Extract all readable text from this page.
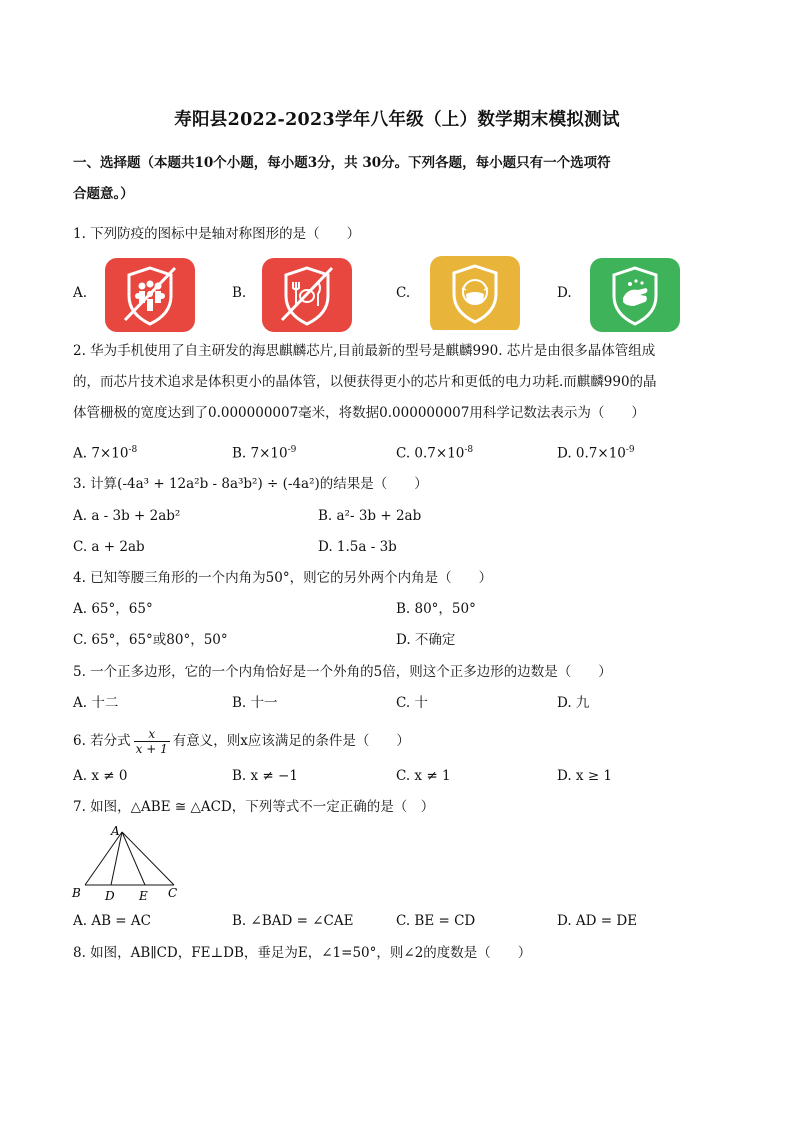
寿阳县2022-2023学年八年级（上）数学期末模拟测试
一、选择题（本题共10个小题，每小题3分，共 30分。下列各题，每小题只有一个选项符
合题意。）
1. 下列防疫的图标中是轴对称图形的是（　　）
A.	B.	C.	D.
2. 华为手机使用了自主研发的海思麒麟芯片,目前最新的型号是麒麟990. 芯片是由很多晶体管组成
的，而芯片技术追求是体积更小的晶体管，以便获得更小的芯片和更低的电力功耗.而麒麟990的晶
体管栅极的宽度达到了0.000000007毫米，将数据0.000000007用科学记数法表示为（　　）
A. $7\times 10^{-8}$	B. $7\times 10^{-9}$	C. $0.7\times 10^{-8}$	D. $0.7\times 10^{-9}$
3. 计算(-4a³ + 12a²b - 8a³b²) ÷ (-4a²)的结果是（　　）
A. a - 3b + 2ab²	B. a²- 3b + 2ab
C. a + 2ab	D. 1.5a - 3b
4. 已知等腰三角形的一个内角为50°，则它的另外两个内角是（　　）
A. 65°，65°	B. 80°，50°
C. 65°，65°或80°，50°	D. 不确定
5. 一个正多边形，它的一个内角恰好是一个外角的5倍，则这个正多边形的边数是（　　）
A. 十二	B. 十一	C. 十	D. 九
6. 若分式 $\frac{x}{x + 1}$ 有意义，则x应该满足的条件是（　　）
A. x ≠ 0	B. x ≠ −1	C. x ≠ 1	D. x ≥ 1
7. 如图，△ABE ≅ △ACD，下列等式不一定正确的是（　）
A
B D E C
A. AB = AC	B. ∠BAD = ∠CAE	C. BE = CD	D. AD = DE
8. 如图，AB∥CD，FE⊥DB，垂足为E，∠1=50°，则∠2的度数是（　　）
